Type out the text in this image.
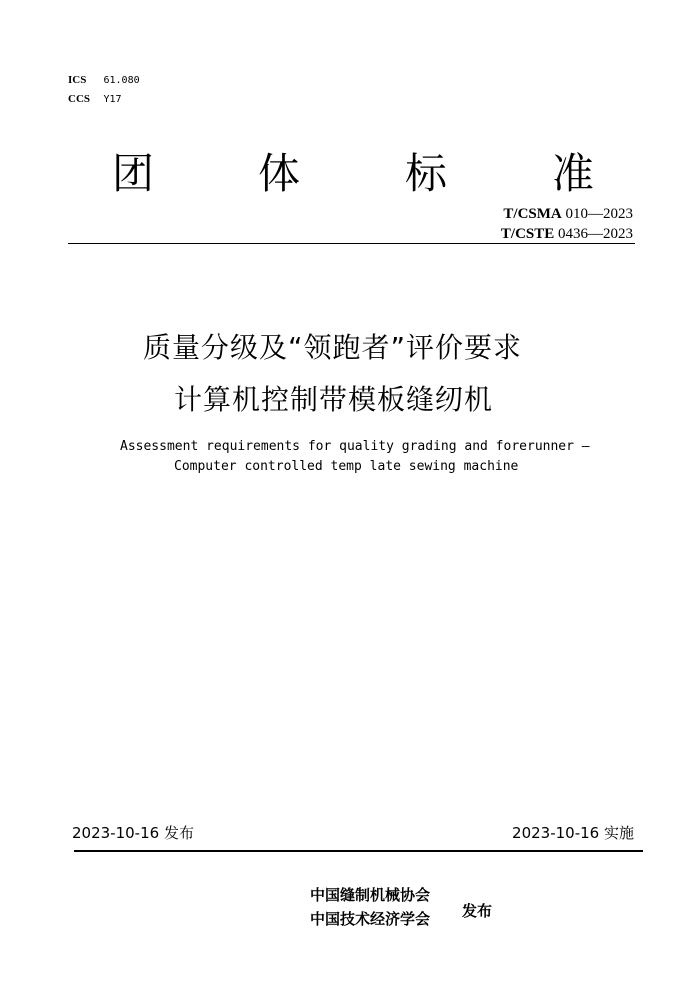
ICS 61.080
CCS Y17
团 体 标 准
T/CSMA 010—2023
T/CSTE 0436—2023
质量分级及“领跑者”评价要求
计算机控制带模板缝纫机
Assessment requirements for quality grading and forerunner —
Computer controlled temp late sewing machine
2023-10-16 发布	2023-10-16 实施
中国缝制机械协会
中国技术经济学会 发布
